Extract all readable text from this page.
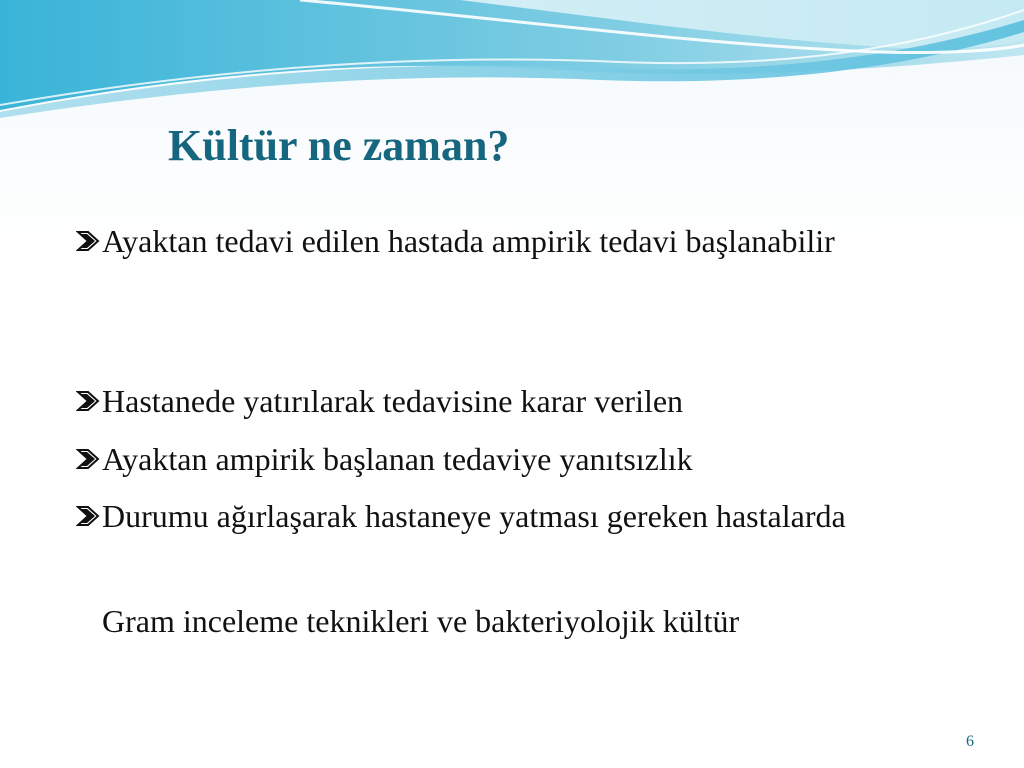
Kültür ne zaman?
Ayaktan tedavi edilen hastada ampirik tedavi başlanabilir
Hastanede yatırılarak tedavisine karar verilen
Ayaktan ampirik başlanan tedaviye yanıtsızlık
Durumu ağırlaşarak hastaneye yatması gereken hastalarda
Gram inceleme teknikleri ve bakteriyolojik kültür
6
